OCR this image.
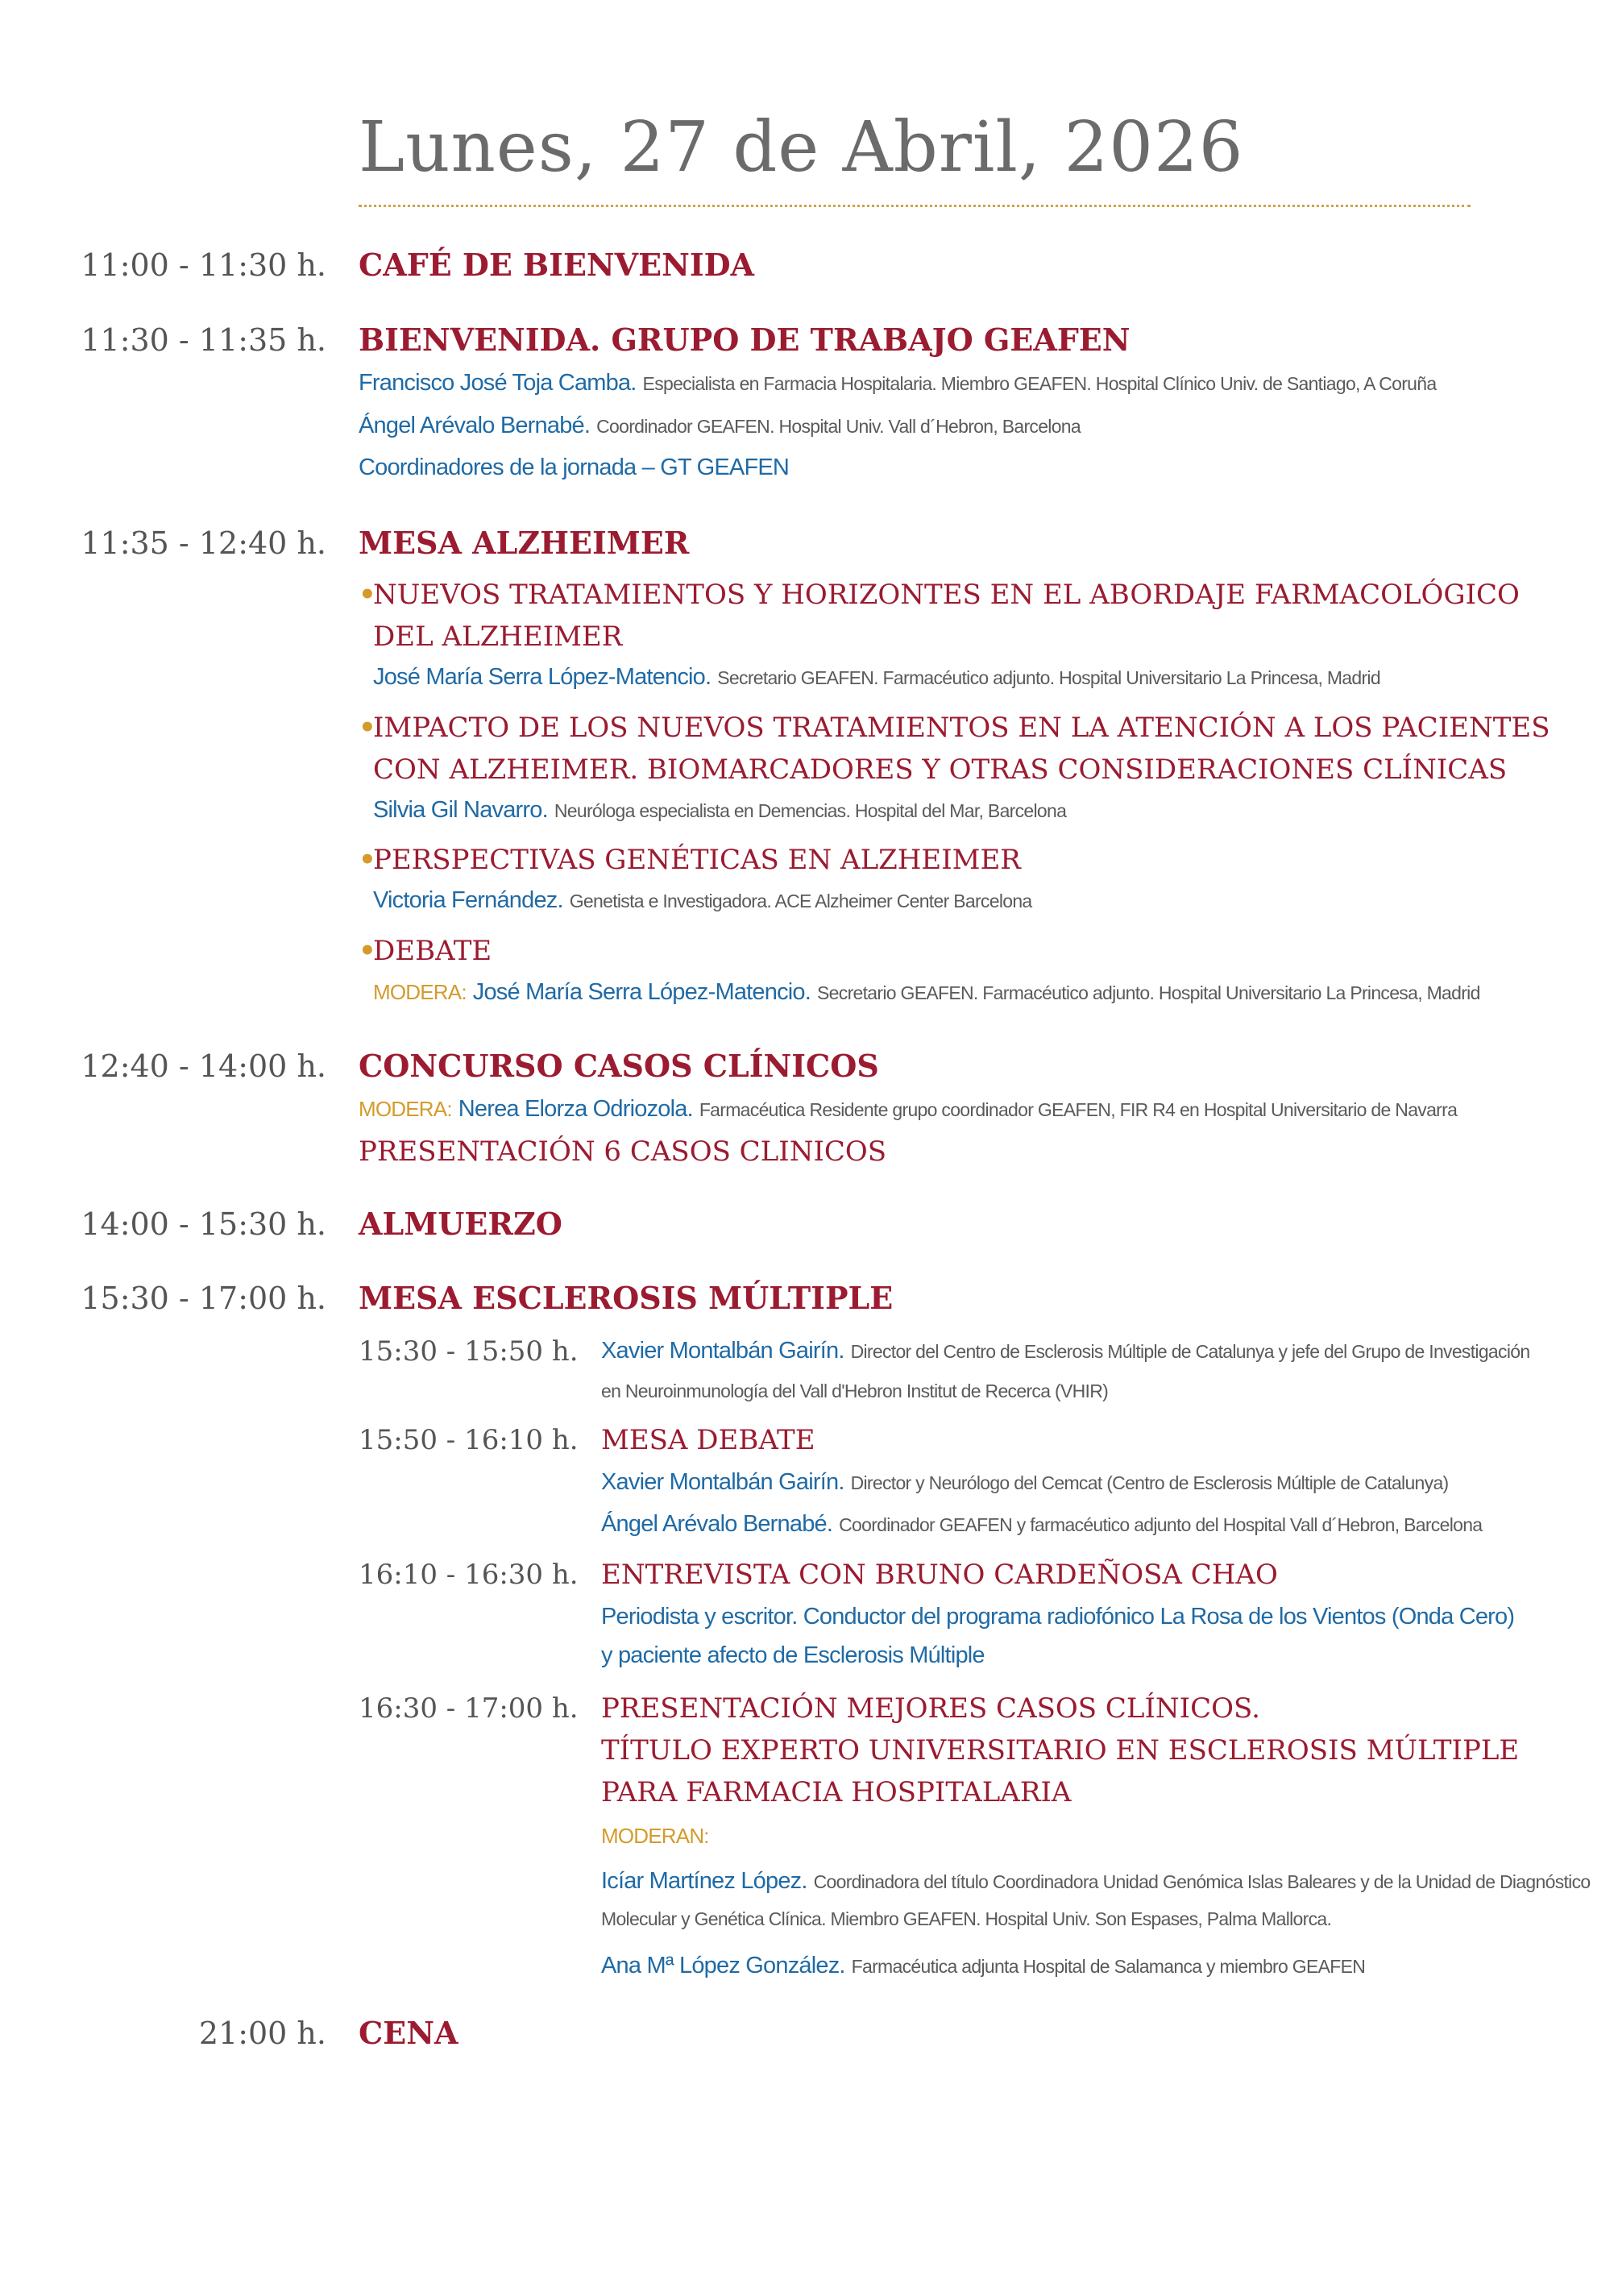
Lunes, 27 de Abril, 2026
11:00 - 11:30 h. CAFÉ DE BIENVENIDA
11:30 - 11:35 h. BIENVENIDA. GRUPO DE TRABAJO GEAFEN
Francisco José Toja Camba. Especialista en Farmacia Hospitalaria. Miembro GEAFEN. Hospital Clínico Univ. de Santiago, A Coruña
Ángel Arévalo Bernabé. Coordinador GEAFEN. Hospital Univ. Vall d´Hebron, Barcelona
Coordinadores de la jornada – GT GEAFEN
11:35 - 12:40 h. MESA ALZHEIMER
•
NUEVOS TRATAMIENTOS Y HORIZONTES EN EL ABORDAJE FARMACOLÓGICO
DEL ALZHEIMER
José María Serra López-Matencio. Secretario GEAFEN. Farmacéutico adjunto. Hospital Universitario La Princesa, Madrid
•
IMPACTO DE LOS NUEVOS TRATAMIENTOS EN LA ATENCIÓN A LOS PACIENTES
CON ALZHEIMER. BIOMARCADORES Y OTRAS CONSIDERACIONES CLÍNICAS
Silvia Gil Navarro. Neuróloga especialista en Demencias. Hospital del Mar, Barcelona
•
PERSPECTIVAS GENÉTICAS EN ALZHEIMER
Victoria Fernández. Genetista e Investigadora. ACE Alzheimer Center Barcelona
•
DEBATE
MODERA: José María Serra López-Matencio. Secretario GEAFEN. Farmacéutico adjunto. Hospital Universitario La Princesa, Madrid
12:40 - 14:00 h. CONCURSO CASOS CLÍNICOS
MODERA: Nerea Elorza Odriozola. Farmacéutica Residente grupo coordinador GEAFEN, FIR R4 en Hospital Universitario de Navarra
PRESENTACIÓN 6 CASOS CLINICOS
14:00 - 15:30 h. ALMUERZO
15:30 - 17:00 h. MESA ESCLEROSIS MÚLTIPLE
15:30 - 15:50 h. Xavier Montalbán Gairín. Director del Centro de Esclerosis Múltiple de Catalunya y jefe del Grupo de Investigación
en Neuroinmunología del Vall d'Hebron Institut de Recerca (VHIR)
15:50 - 16:10 h. MESA DEBATE
Xavier Montalbán Gairín. Director y Neurólogo del Cemcat (Centro de Esclerosis Múltiple de Catalunya)
Ángel Arévalo Bernabé. Coordinador GEAFEN y farmacéutico adjunto del Hospital Vall d´Hebron, Barcelona
16:10 - 16:30 h. ENTREVISTA CON BRUNO CARDEÑOSA CHAO
Periodista y escritor. Conductor del programa radiofónico La Rosa de los Vientos (Onda Cero)
y paciente afecto de Esclerosis Múltiple
16:30 - 17:00 h. PRESENTACIÓN MEJORES CASOS CLÍNICOS.
TÍTULO EXPERTO UNIVERSITARIO EN ESCLEROSIS MÚLTIPLE
PARA FARMACIA HOSPITALARIA
MODERAN:
Icíar Martínez López. Coordinadora del título Coordinadora Unidad Genómica Islas Baleares y de la Unidad de Diagnóstico
Molecular y Genética Clínica. Miembro GEAFEN. Hospital Univ. Son Espases, Palma Mallorca.
Ana Mª López González. Farmacéutica adjunta Hospital de Salamanca y miembro GEAFEN
21:00 h. CENA
